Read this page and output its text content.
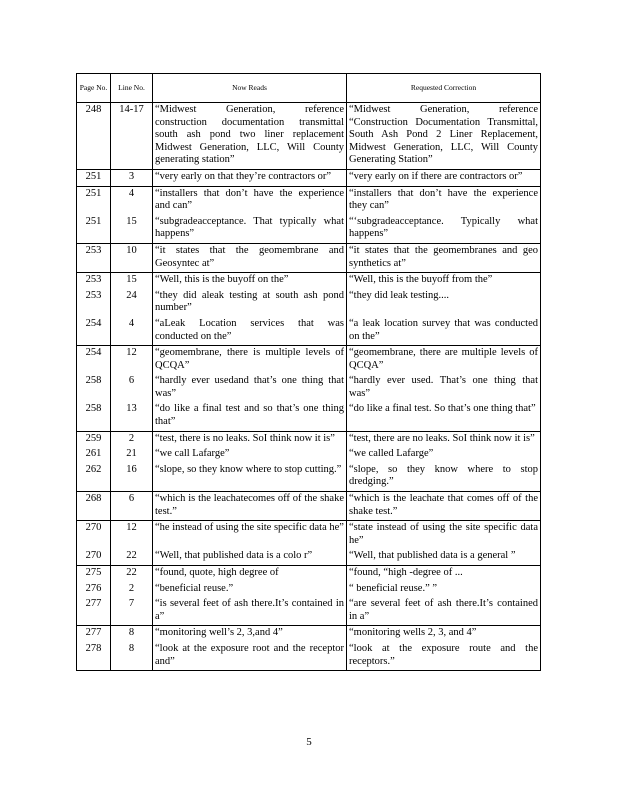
Page No.	Line No.	Now Reads	Requested Correction
248	14-17	“Midwest Generation, reference construction documentation transmittal south ash pond two liner replacement Midwest Generation, LLC, Will County generating station”	“Midwest Generation, reference “Construction Documentation Transmittal, South Ash Pond 2 Liner Replacement, Midwest Generation, LLC, Will County Generating Station”
251	3	“very early on that they’re contractors or”	“very early on if there are contractors or”
251	4	“installers that don’t have the experience and can”	“installers that don’t have the experience they can”
251	15	“subgradeacceptance. That typically what happens”	“‘subgradeacceptance. Typically what happens”
253	10	“it states that the geomembrane and Geosyntec at”	“it states that the geomembranes and geo synthetics at”
253	15	“Well, this is the buyoff on the”	“Well, this is the buyoff from the”
253	24	“they did aleak testing at south ash pond number”	“they did leak testing....
254	4	“aLeak Location services that was conducted on the”	“a leak location survey that was conducted on the”
254	12	“geomembrane, there is multiple levels of QCQA”	“geomembrane, there are multiple levels of QCQA”
258	6	“hardly ever usedand that’s one thing that was”	“hardly ever used. That’s one thing that was”
258	13	“do like a final test and so that’s one thing that”	“do like a final test. So that’s one thing that”
259	2	“test, there is no leaks. SoI think now it is”	“test, there are no leaks. SoI think now it is”
261	21	“we call Lafarge”	“we called Lafarge”
262	16	“slope, so they know where to stop cutting.”	“slope, so they know where to stop dredging.”
268	6	“which is the leachatecomes off of the shake test.”	“which is the leachate that comes off of the shake test.”
270	12	“he instead of using the site specific data he”	“state instead of using the site specific data he”
270	22	“Well, that published data is a colo r”	“Well, that published data is a general ”
275	22	“found, quote, high degree of	“found, “high -degree of ...
276	2	“beneficial reuse.”	“ beneficial reuse.” ”
277	7	“is several feet of ash there.It’s contained in a”	“are several feet of ash there.It’s contained in a”
277	8	“monitoring well’s 2, 3,and 4”	“monitoring wells 2, 3, and 4”
278	8	“look at the exposure root and the receptor and”	“look at the exposure route and the receptors.”
5
